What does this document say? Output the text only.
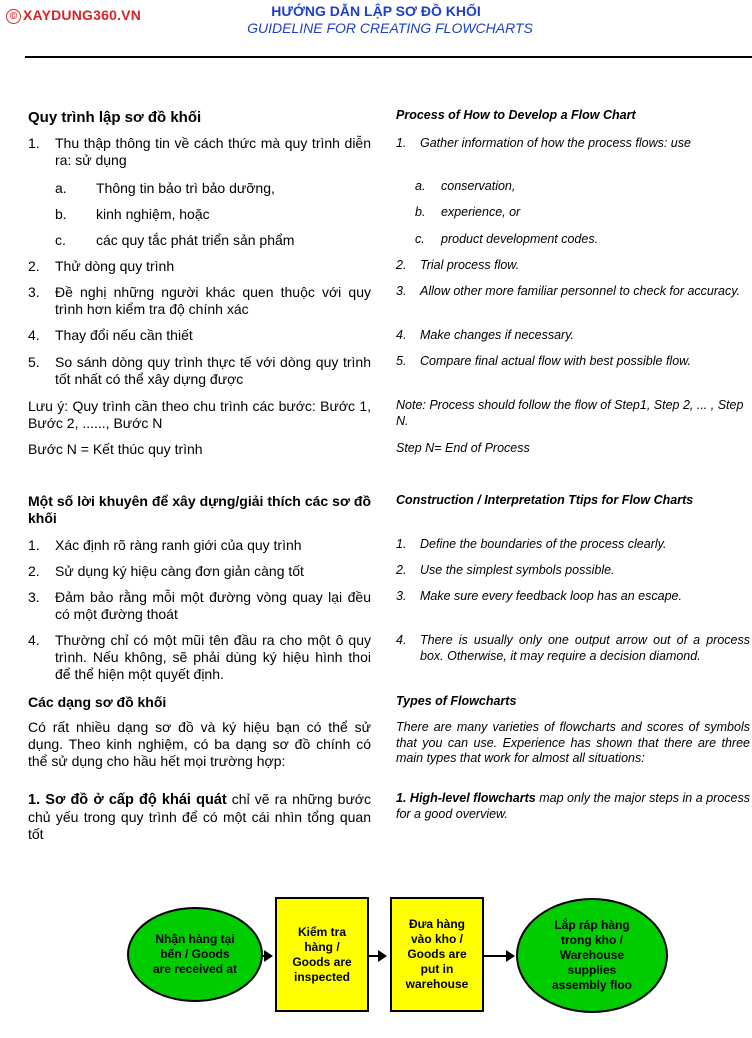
© XAYDUNG360.VN	HƯỚNG DẪN LẬP SƠ ĐỒ KHỐI
GUIDELINE FOR CREATING FLOWCHARTS
Quy trình lập sơ đồ khối	Process of How to Develop a Flow Chart
1. Thu thập thông tin về cách thức mà quy trình diễn ra: sử dụng
a. Thông tin bảo trì bảo dưỡng,
b. kinh nghiệm, hoặc
c. các quy tắc phát triển sản phẩm
2. Thử dòng quy trình
3. Đề nghị những người khác quen thuộc với quy trình hơn kiểm tra độ chính xác
4. Thay đổi nếu cần thiết
5. So sánh dòng quy trình thực tế với dòng quy trình tốt nhất có thể xây dựng được
Lưu ý: Quy trình cần theo chu trình các bước: Bước 1, Bước 2, ......, Bước N
Bước N = Kết thúc quy trình
1. Gather information of how the process flows: use
a. conservation,
b. experience, or
c. product development codes.
2. Trial process flow.
3. Allow other more familiar personnel to check for accuracy.
4. Make changes if necessary.
5. Compare final actual flow with best possible flow.
Note: Process should follow the flow of Step1, Step 2, ... , Step N.
Step N= End of Process
Một số lời khuyên để xây dựng/giải thích các sơ đồ khối
Construction / Interpretation Ttips for Flow Charts
1. Xác định rõ ràng ranh giới của quy trình
2. Sử dụng ký hiệu càng đơn giản càng tốt
3. Đảm bảo rằng mỗi một đường vòng quay lại đều có một đường thoát
4. Thường chỉ có một mũi tên đầu ra cho một ô quy trình. Nếu không, sẽ phải dùng ký hiệu hình thoi để thể hiện một quyết định.
1. Define the boundaries of the process clearly.
2. Use the simplest symbols possible.
3. Make sure every feedback loop has an escape.
4. There is usually only one output arrow out of a process box. Otherwise, it may require a decision diamond.
Các dạng sơ đồ khối	Types of Flowcharts
Có rất nhiều dạng sơ đồ và ký hiệu bạn có thể sử dụng. Theo kinh nghiệm, có ba dạng sơ đồ chính có thể sử dụng cho hầu hết mọi trường hợp:
There are many varieties of flowcharts and scores of symbols that you can use. Experience has shown that there are three main types that work for almost all situations:
1. Sơ đồ ở cấp độ khái quát chỉ vẽ ra những bước chủ yếu trong quy trình để có một cái nhìn tổng quan tốt
1. High-level flowcharts map only the major steps in a process for a good overview.
Nhận hàng tại bến / Goods are received at
Kiểm tra hàng / Goods are inspected
Đưa hàng vào kho / Goods are put in warehouse
Lắp ráp hàng trong kho / Warehouse supplies assembly floo
